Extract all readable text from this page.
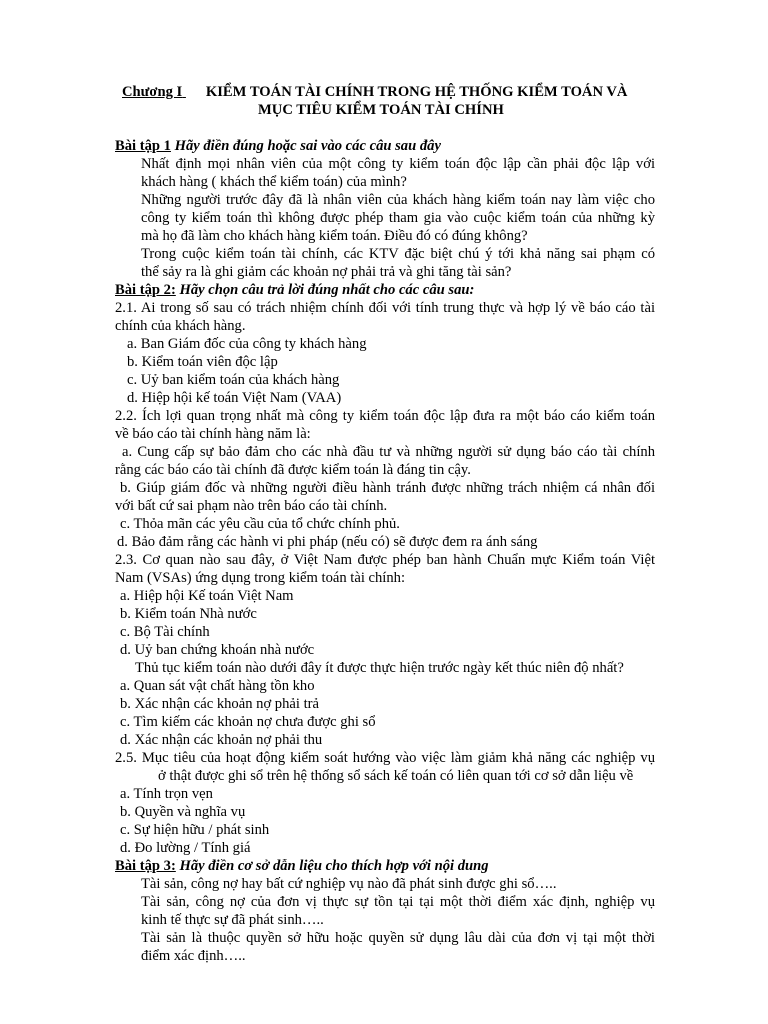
Chương I KIỂM TOÁN TÀI CHÍNH TRONG HỆ THỐNG KIỂM TOÁN VÀ
MỤC TIÊU KIỂM TOÁN TÀI CHÍNH
Bài tập 1 Hãy điền đúng hoặc sai vào các câu sau đây
Nhất định mọi nhân viên của một công ty kiểm toán độc lập cần phải độc lập với
khách hàng ( khách thể kiểm toán) của mình?
Những người trước đây đã là nhân viên của khách hàng kiểm toán nay làm việc cho
công ty kiểm toán thì không được phép tham gia vào cuộc kiểm toán của những kỳ
mà họ đã làm cho khách hàng kiểm toán. Điều đó có đúng không?
Trong cuộc kiểm toán tài chính, các KTV đặc biệt chú ý tới khả năng sai phạm có
thể sảy ra là ghi giảm các khoản nợ phải trả và ghi tăng tài sản?
Bài tập 2: Hãy chọn câu trả lời đúng nhất cho các câu sau:
2.1. Ai trong số sau có trách nhiệm chính đối với tính trung thực và hợp lý về báo cáo tài
chính của khách hàng.
a. Ban Giám đốc của công ty khách hàng
b. Kiểm toán viên độc lập
c. Uỷ ban kiểm toán của khách hàng
d. Hiệp hội kế toán Việt Nam (VAA)
2.2. Ích lợi quan trọng nhất mà công ty kiểm toán độc lập đưa ra một báo cáo kiểm toán
về báo cáo tài chính hàng năm là:
a. Cung cấp sự bảo đảm cho các nhà đầu tư và những người sử dụng báo cáo tài chính
rằng các báo cáo tài chính đã được kiểm toán là đáng tin cậy.
b. Giúp giám đốc và những người điều hành tránh được những trách nhiệm cá nhân đối
với bất cứ sai phạm nào trên báo cáo tài chính.
c. Thỏa mãn các yêu cầu của tổ chức chính phủ.
d. Bảo đảm rằng các hành vi phi pháp (nếu có) sẽ được đem ra ánh sáng
2.3. Cơ quan nào sau đây, ở Việt Nam được phép ban hành Chuẩn mực Kiểm toán Việt
Nam (VSAs) ứng dụng trong kiểm toán tài chính:
a. Hiệp hội Kế toán Việt Nam
b. Kiểm toán Nhà nước
c. Bộ Tài chính
d. Uỷ ban chứng khoán nhà nước
Thủ tục kiểm toán nào dưới đây ít được thực hiện trước ngày kết thúc niên độ nhất?
a. Quan sát vật chất hàng tồn kho
b. Xác nhận các khoản nợ phải trả
c. Tìm kiếm các khoản nợ chưa được ghi sổ
d. Xác nhận các khoản nợ phải thu
2.5. Mục tiêu của hoạt động kiểm soát hướng vào việc làm giảm khả năng các nghiệp vụ
ở thật được ghi sổ trên hệ thống sổ sách kế toán có liên quan tới cơ sở dẫn liệu về
a. Tính trọn vẹn
b. Quyền và nghĩa vụ
c. Sự hiện hữu / phát sinh
d. Đo lường / Tính giá
Bài tập 3: Hãy điền cơ sở dẫn liệu cho thích hợp với nội dung
Tài sản, công nợ hay bất cứ nghiệp vụ nào đã phát sinh được ghi sổ…..
Tài sản, công nợ của đơn vị thực sự tồn tại tại một thời điểm xác định, nghiệp vụ
kinh tế thực sự đã phát sinh…..
Tài sản là thuộc quyền sở hữu hoặc quyền sử dụng lâu dài của đơn vị tại một thời
điểm xác định…..
